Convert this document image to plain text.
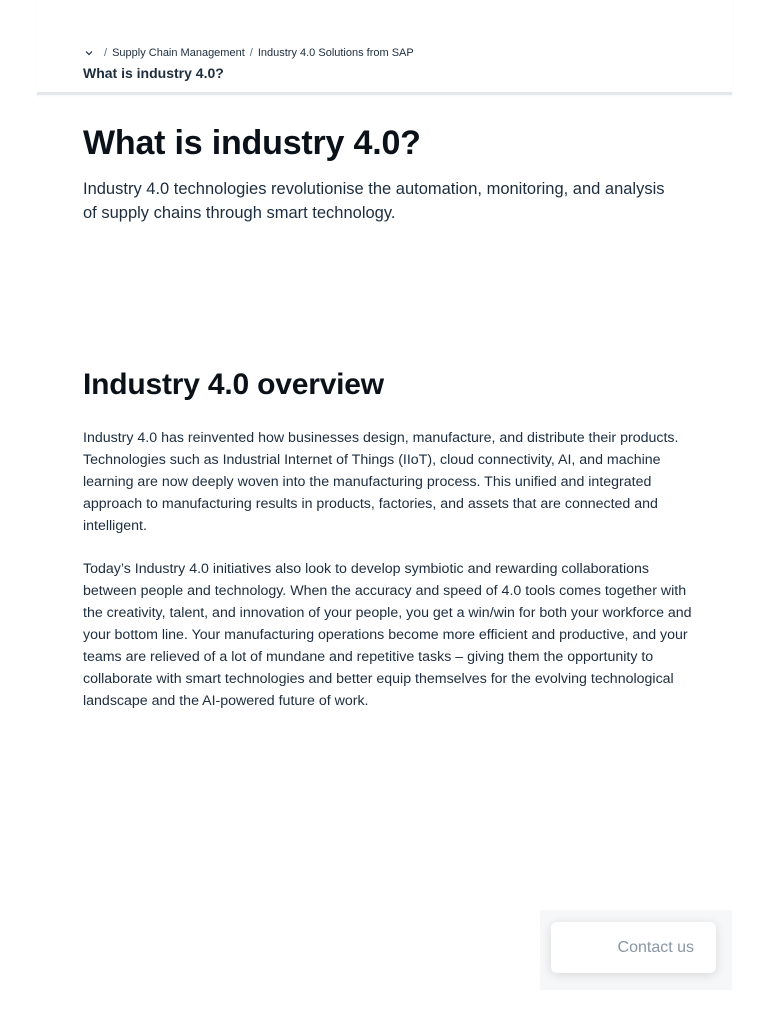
/ Supply Chain Management / Industry 4.0 Solutions from SAP
What is industry 4.0?
What is industry 4.0?

Industry 4.0 technologies revolutionise the automation, monitoring, and analysis of supply chains through smart technology.

Industry 4.0 overview

Industry 4.0 has reinvented how businesses design, manufacture, and distribute their products. Technologies such as Industrial Internet of Things (IIoT), cloud connectivity, AI, and machine learning are now deeply woven into the manufacturing process. This unified and integrated approach to manufacturing results in products, factories, and assets that are connected and intelligent.

Today’s Industry 4.0 initiatives also look to develop symbiotic and rewarding collaborations between people and technology. When the accuracy and speed of 4.0 tools comes together with the creativity, talent, and innovation of your people, you get a win/win for both your workforce and your bottom line. Your manufacturing operations become more efficient and productive, and your teams are relieved of a lot of mundane and repetitive tasks – giving them the opportunity to collaborate with smart technologies and better equip themselves for the evolving technological landscape and the AI-powered future of work.

Contact us
